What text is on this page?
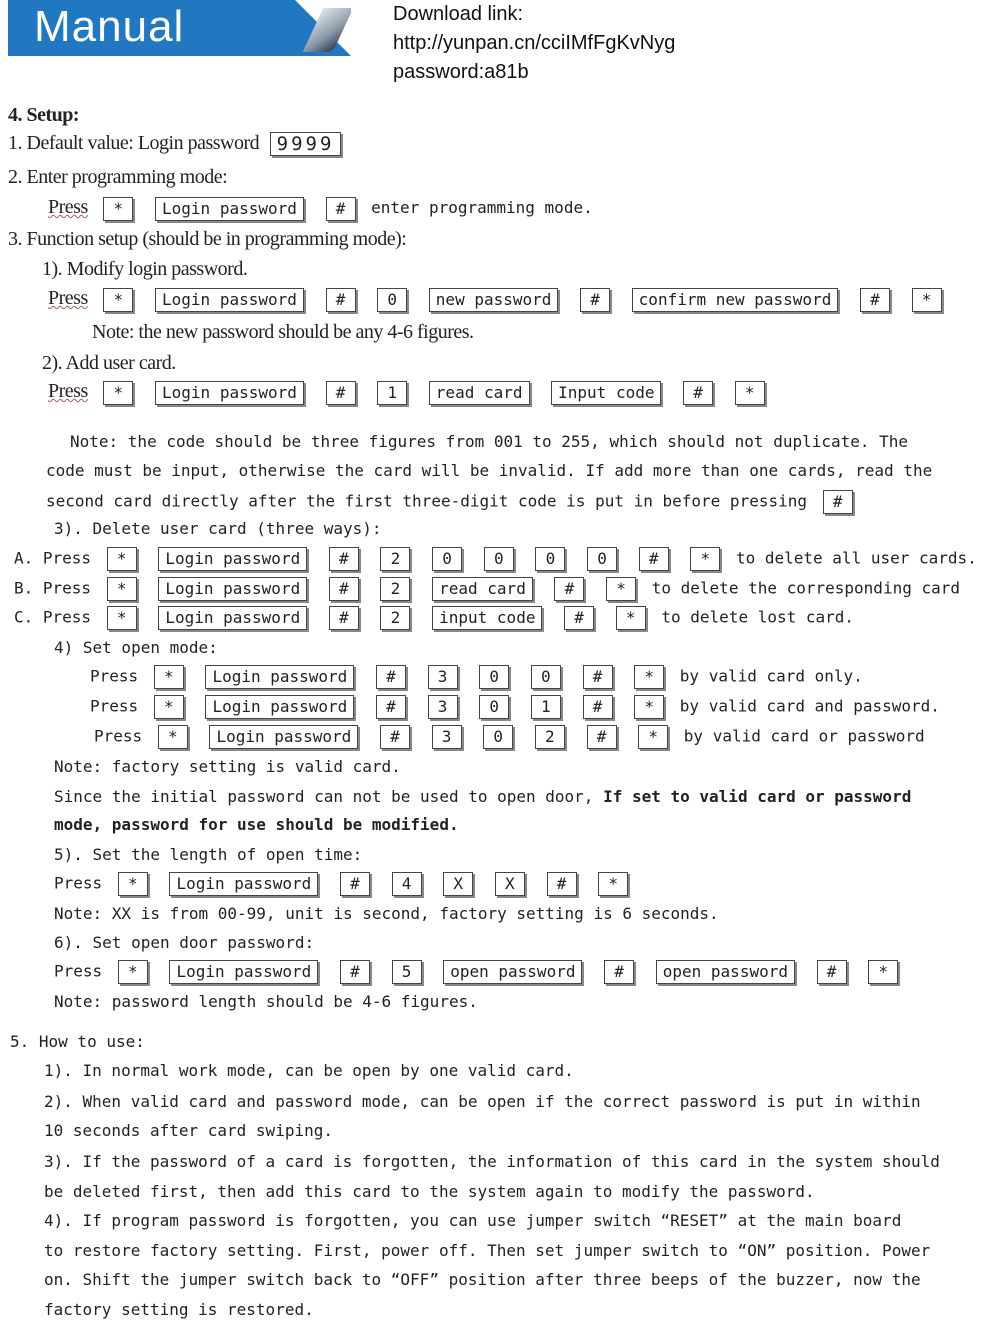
Manual	Download link:
http://yunpan.cn/cciIMfFgKvNyg
password:a81b
4. Setup:
1. Default value: Login password 9999
2. Enter programming mode:
Press * Login password # enter programming mode.
3. Function setup (should be in programming mode):
1). Modify login password.
Press * Login password #	0 new password # confirm new password #	*
Note: the new password should be any 4-6 figures.
2). Add user card.
Press * Login password #	1 read card Input code #	*
Note: the code should be three figures from 001 to 255, which should not duplicate. The
code must be input, otherwise the card will be invalid. If add more than one cards, read the
second card directly after the first three-digit code is put in before pressing #
3). Delete user card (three ways):
A. Press * Login password #	2	0	0	0	0	#	* to delete all user cards.
B. Press * Login password #	2 read card #	* to delete the corresponding card
C. Press * Login password #	2 input code #	* to delete lost card.
4) Set open mode:
Press * Login password #	3	0	0	#	* by valid card only.
Press * Login password #	3	0	1	#	* by valid card and password.
Press * Login password #	3	0	2	#	* by valid card or password
Note: factory setting is valid card.
Since the initial password can not be used to open door, If set to valid card or password
mode, password for use should be modified.
5). Set the length of open time:
Press * Login password #	4	X	X	#	*
Note: XX is from 00-99, unit is second, factory setting is 6 seconds.
6). Set open door password:
Press * Login password #	5 open password # open password #	*
Note: password length should be 4-6 figures.
5. How to use:
1). In normal work mode, can be open by one valid card.
2). When valid card and password mode, can be open if the correct password is put in within
10 seconds after card swiping.
3). If the password of a card is forgotten, the information of this card in the system should
be deleted first, then add this card to the system again to modify the password.
4). If program password is forgotten, you can use jumper switch “RESET” at the main board
to restore factory setting. First, power off. Then set jumper switch to “ON” position. Power
on. Shift the jumper switch back to “OFF” position after three beeps of the buzzer, now the
factory setting is restored.
